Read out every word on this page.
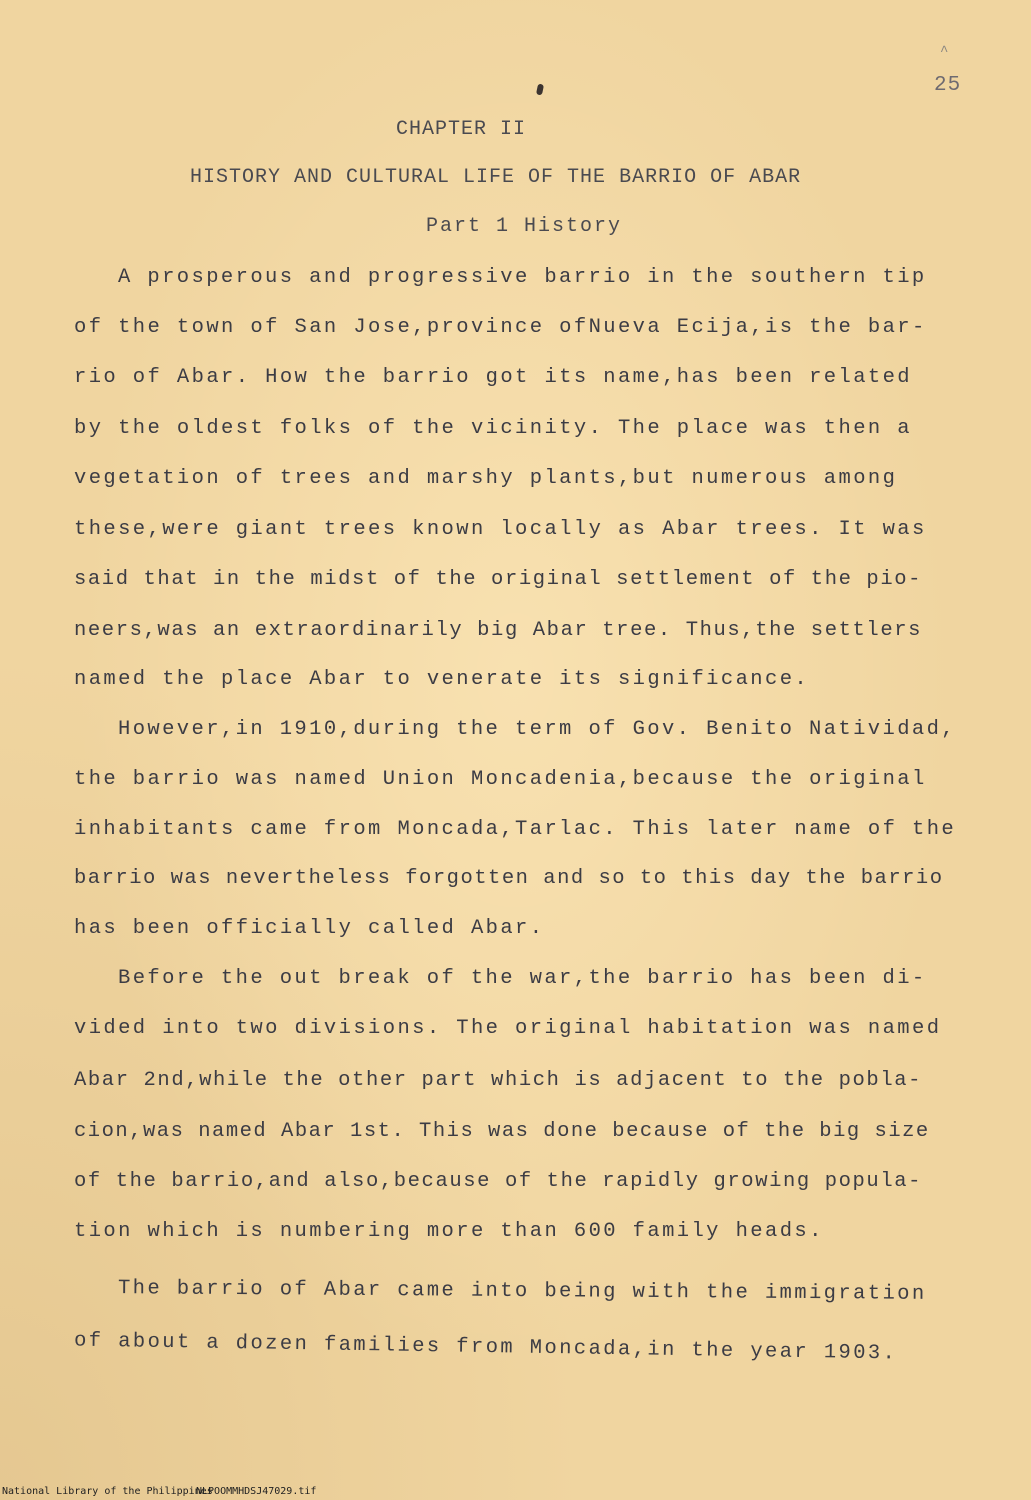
^
25
CHAPTER II
HISTORY AND CULTURAL LIFE OF THE BARRIO OF ABAR
Part 1 History
A prosperous and progressive barrio in the southern tip
of the town of San Jose,province ofNueva Ecija,is the bar-
rio of Abar. How the barrio got its name,has been related
by the oldest folks of the vicinity. The place was then a
vegetation of trees and marshy plants,but numerous among
these,were giant trees known locally as Abar trees. It was
said that in the midst of the original settlement of the pio-
neers,was an extraordinarily big Abar tree. Thus,the settlers
named the place Abar to venerate its significance.
However,in 1910,during the term of Gov. Benito Natividad,
the barrio was named Union Moncadenia,because the original
inhabitants came from Moncada,Tarlac. This later name of the
barrio was nevertheless forgotten and so to this day the barrio
has been officially called Abar.
Before the out break of the war,the barrio has been di-
vided into two divisions. The original habitation was named
Abar 2nd,while the other part which is adjacent to the pobla-
cion,was named Abar 1st. This was done because of the big size
of the barrio,and also,because of the rapidly growing popula-
tion which is numbering more than 600 family heads.
The barrio of Abar came into being with the immigration
of about a dozen families from Moncada,in the year 1903.
National Library of the Philippines
NLPOOMMHDSJ47029.tif
